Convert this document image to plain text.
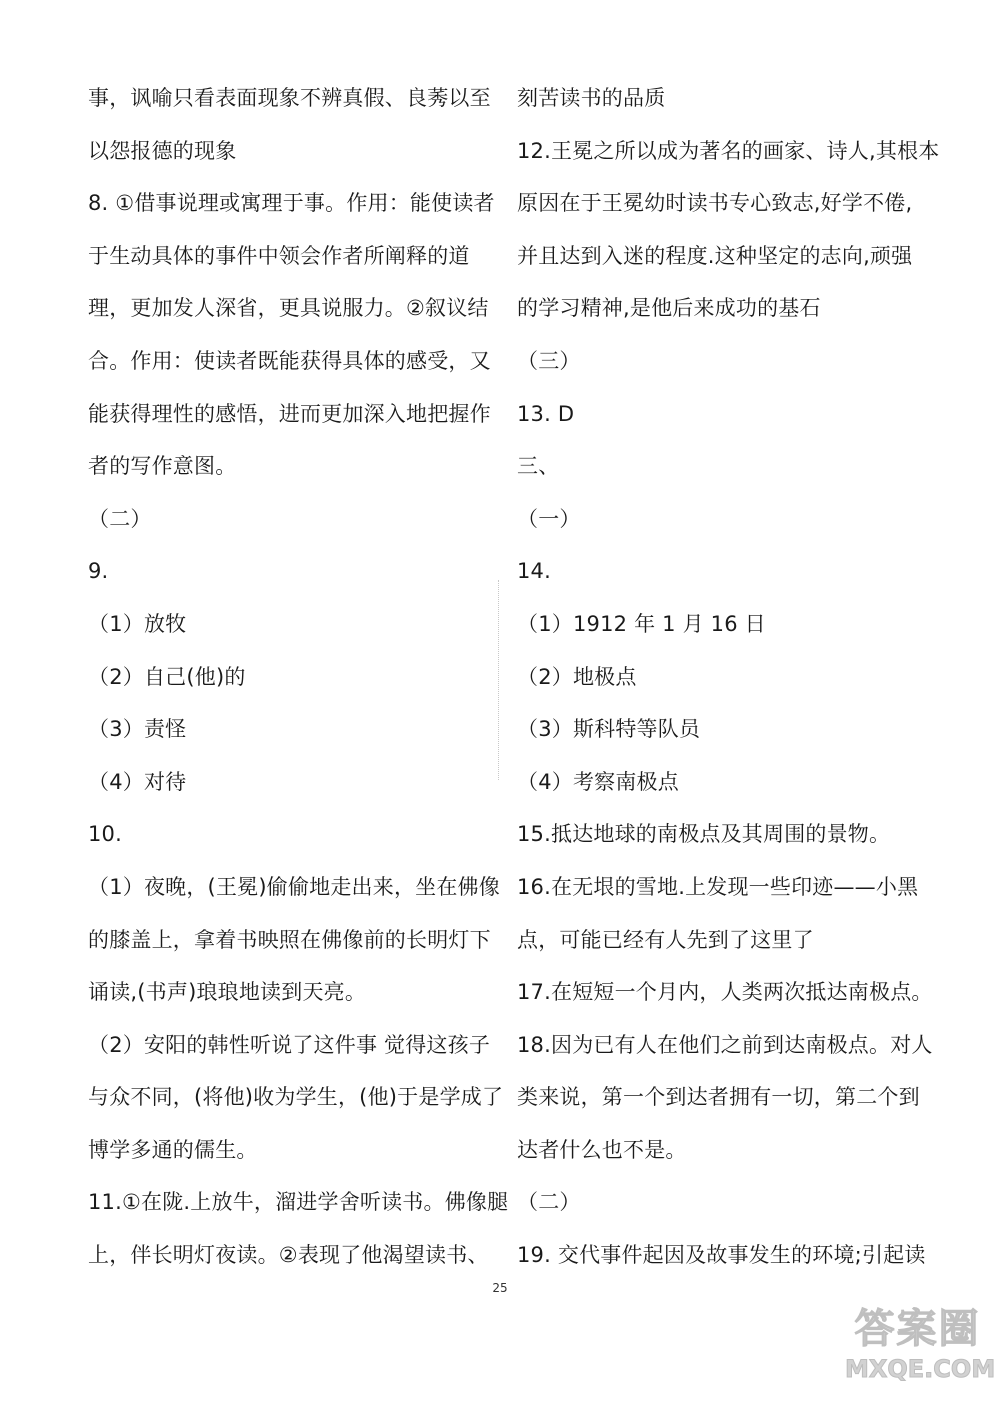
事，讽喻只看表面现象不辨真假、良莠以至
以怨报德的现象
8. ①借事说理或寓理于事。作用：能使读者
于生动具体的事件中领会作者所阐释的道
理，更加发人深省，更具说服力。②叙议结
合。作用：使读者既能获得具体的感受，又
能获得理性的感悟，进而更加深入地把握作
者的写作意图。
（二）
9.
（1）放牧
（2）自己(他)的
（3）责怪
（4）对待
10.
（1）夜晚，(王冕)偷偷地走出来，坐在佛像
的膝盖上，拿着书映照在佛像前的长明灯下
诵读,(书声)琅琅地读到天亮。
（2）安阳的韩性听说了这件事 觉得这孩子
与众不同，(将他)收为学生，(他)于是学成了
博学多通的儒生。
11.①在陇.上放牛，溜进学舍听读书。佛像腿
上，伴长明灯夜读。②表现了他渴望读书、
刻苦读书的品质
12.王冕之所以成为著名的画家、诗人,其根本
原因在于王冕幼时读书专心致志,好学不倦,
并且达到入迷的程度.这种坚定的志向,顽强
的学习精神,是他后来成功的基石
（三）
13. D
三、
（一）
14.
（1）1912 年 1 月 16 日
（2）地极点
（3）斯科特等队员
（4）考察南极点
15.抵达地球的南极点及其周围的景物。
16.在无垠的雪地.上发现一些印迹——小黑
点，可能已经有人先到了这里了
17.在短短一个月内，人类两次抵达南极点。
18.因为已有人在他们之前到达南极点。对人
类来说，第一个到达者拥有一切，第二个到
达者什么也不是。
（二）
19. 交代事件起因及故事发生的环境;引起读
25
答案圈
MXQE.COM
